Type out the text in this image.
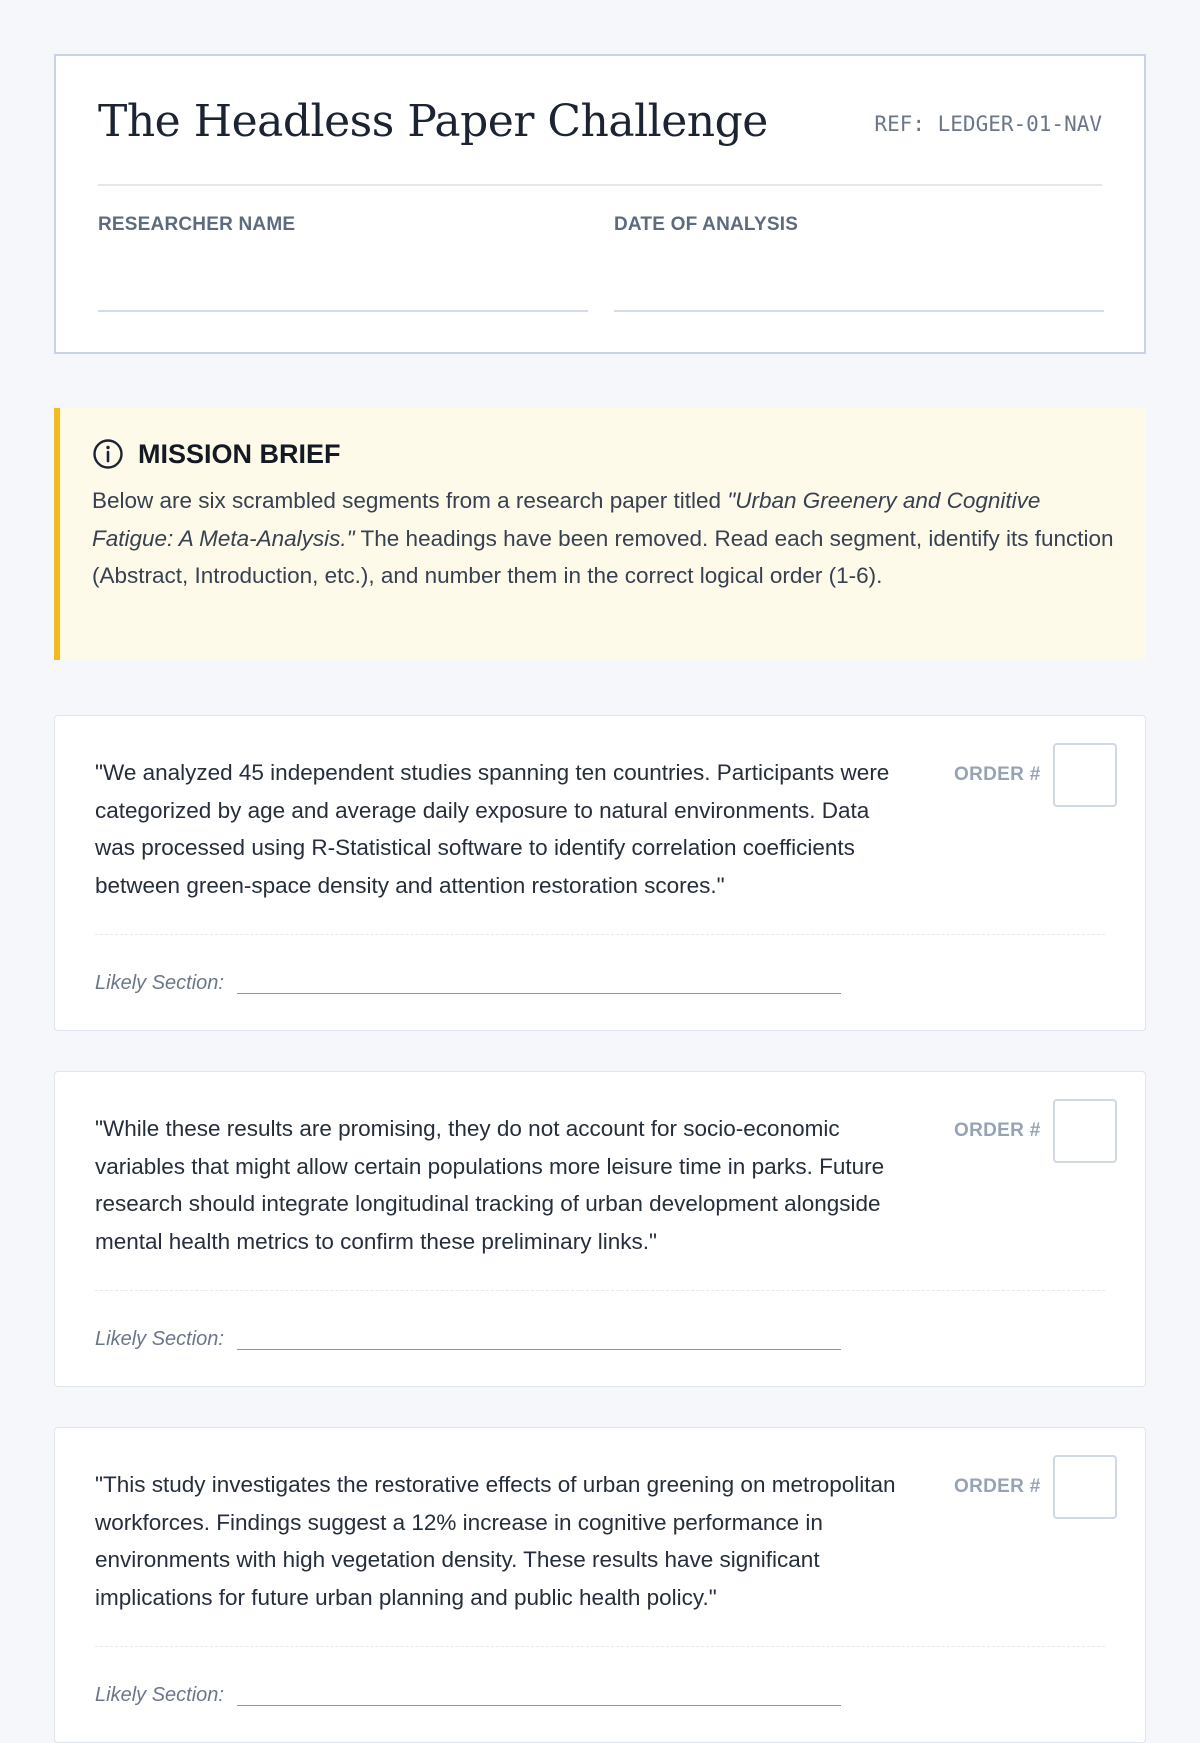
The Headless Paper Challenge	REF: LEDGER-01-NAV
RESEARCHER NAME	DATE OF ANALYSIS
MISSION BRIEF

Below are six scrambled segments from a research paper titled "Urban Greenery and Cognitive Fatigue: A Meta-Analysis." The headings have been removed. Read each segment, identify its function (Abstract, Introduction, etc.), and number them in the correct logical order (1-6).

"We analyzed 45 independent studies spanning ten countries. Participants were categorized by age and average daily exposure to natural environments. Data was processed using R-Statistical software to identify correlation coefficients between green-space density and attention restoration scores."

ORDER #
Likely Section:

"While these results are promising, they do not account for socio-economic variables that might allow certain populations more leisure time in parks. Future research should integrate longitudinal tracking of urban development alongside mental health metrics to confirm these preliminary links."

ORDER #
Likely Section:

"This study investigates the restorative effects of urban greening on metropolitan workforces. Findings suggest a 12% increase in cognitive performance in environments with high vegetation density. These results have significant implications for future urban planning and public health policy."

ORDER #
Likely Section:
